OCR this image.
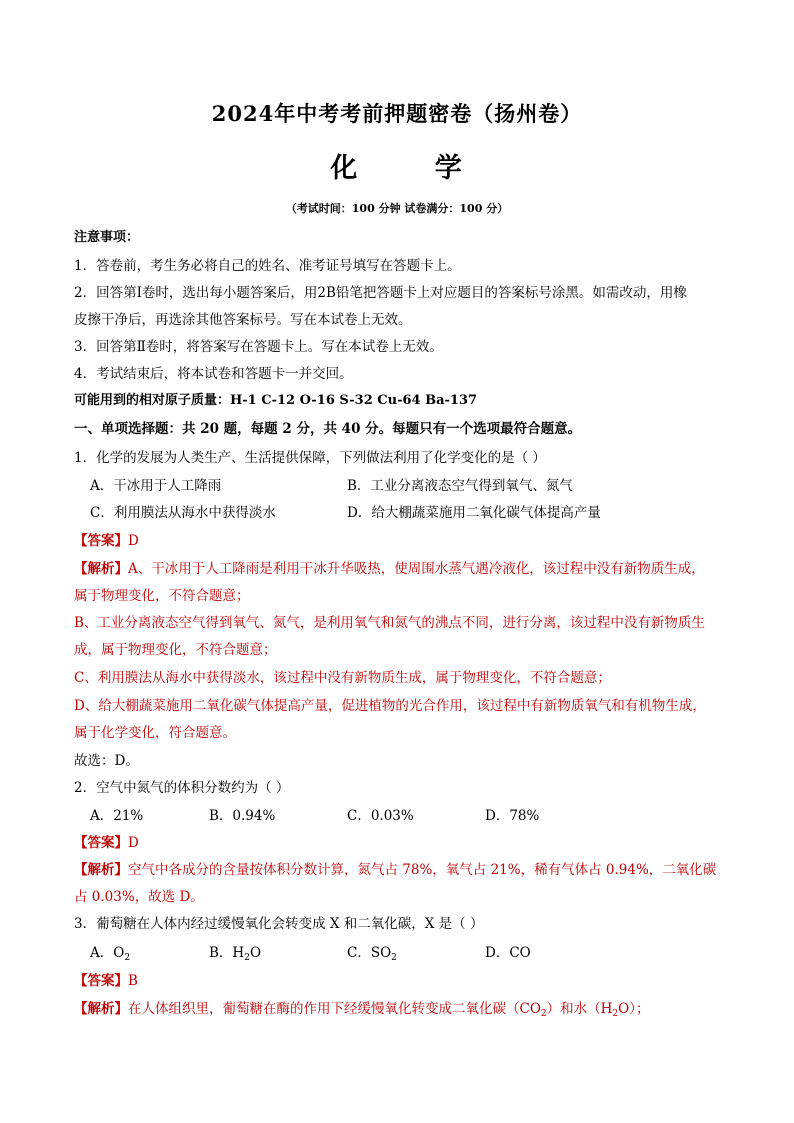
2024年中考考前押题密卷（扬州卷）
化 学
（考试时间：100 分钟 试卷满分：100 分）
注意事项：
1．答卷前，考生务必将自己的姓名、准考证号填写在答题卡上。
2．回答第Ⅰ卷时，选出每小题答案后，用2B铅笔把答题卡上对应题目的答案标号涂黑。如需改动，用橡
皮擦干净后，再选涂其他答案标号。写在本试卷上无效。
3．回答第Ⅱ卷时，将答案写在答题卡上。写在本试卷上无效。
4．考试结束后，将本试卷和答题卡一并交回。
可能用到的相对原子质量：H-1 C-12 O-16 S-32 Cu-64 Ba-137
一、单项选择题：共 20 题，每题 2 分，共 40 分。每题只有一个选项最符合题意。
1．化学的发展为人类生产、生活提供保障，下列做法利用了化学变化的是（ ）
A．干冰用于人工降雨	B．工业分离液态空气得到氧气、氮气
C．利用膜法从海水中获得淡水	D．给大棚蔬菜施用二氧化碳气体提高产量
【答案】D
【解析】A、干冰用于人工降雨是利用干冰升华吸热，使周围水蒸气遇冷液化，该过程中没有新物质生成，
属于物理变化，不符合题意；
B、工业分离液态空气得到氧气、氮气，是利用氧气和氮气的沸点不同，进行分离，该过程中没有新物质生
成，属于物理变化，不符合题意；
C、利用膜法从海水中获得淡水，该过程中没有新物质生成，属于物理变化，不符合题意；
D、给大棚蔬菜施用二氧化碳气体提高产量，促进植物的光合作用，该过程中有新物质氧气和有机物生成，
属于化学变化，符合题意。
故选：D。
2．空气中氮气的体积分数约为（ ）
A．21%	B．0.94%	C．0.03%	D．78%
【答案】D
【解析】空气中各成分的含量按体积分数计算，氮气占 78%，氧气占 21%，稀有气体占 0.94%，二氧化碳
占 0.03%，故选 D。
3．葡萄糖在人体内经过缓慢氧化会转变成 X 和二氧化碳，X 是（ ）
A．$O_2$	B．$H_2O$	C．$SO_2$	D．CO
【答案】B
【解析】在人体组织里，葡萄糖在酶的作用下经缓慢氧化转变成二氧化碳$(CO_2)$和水$(H_2O)$；
